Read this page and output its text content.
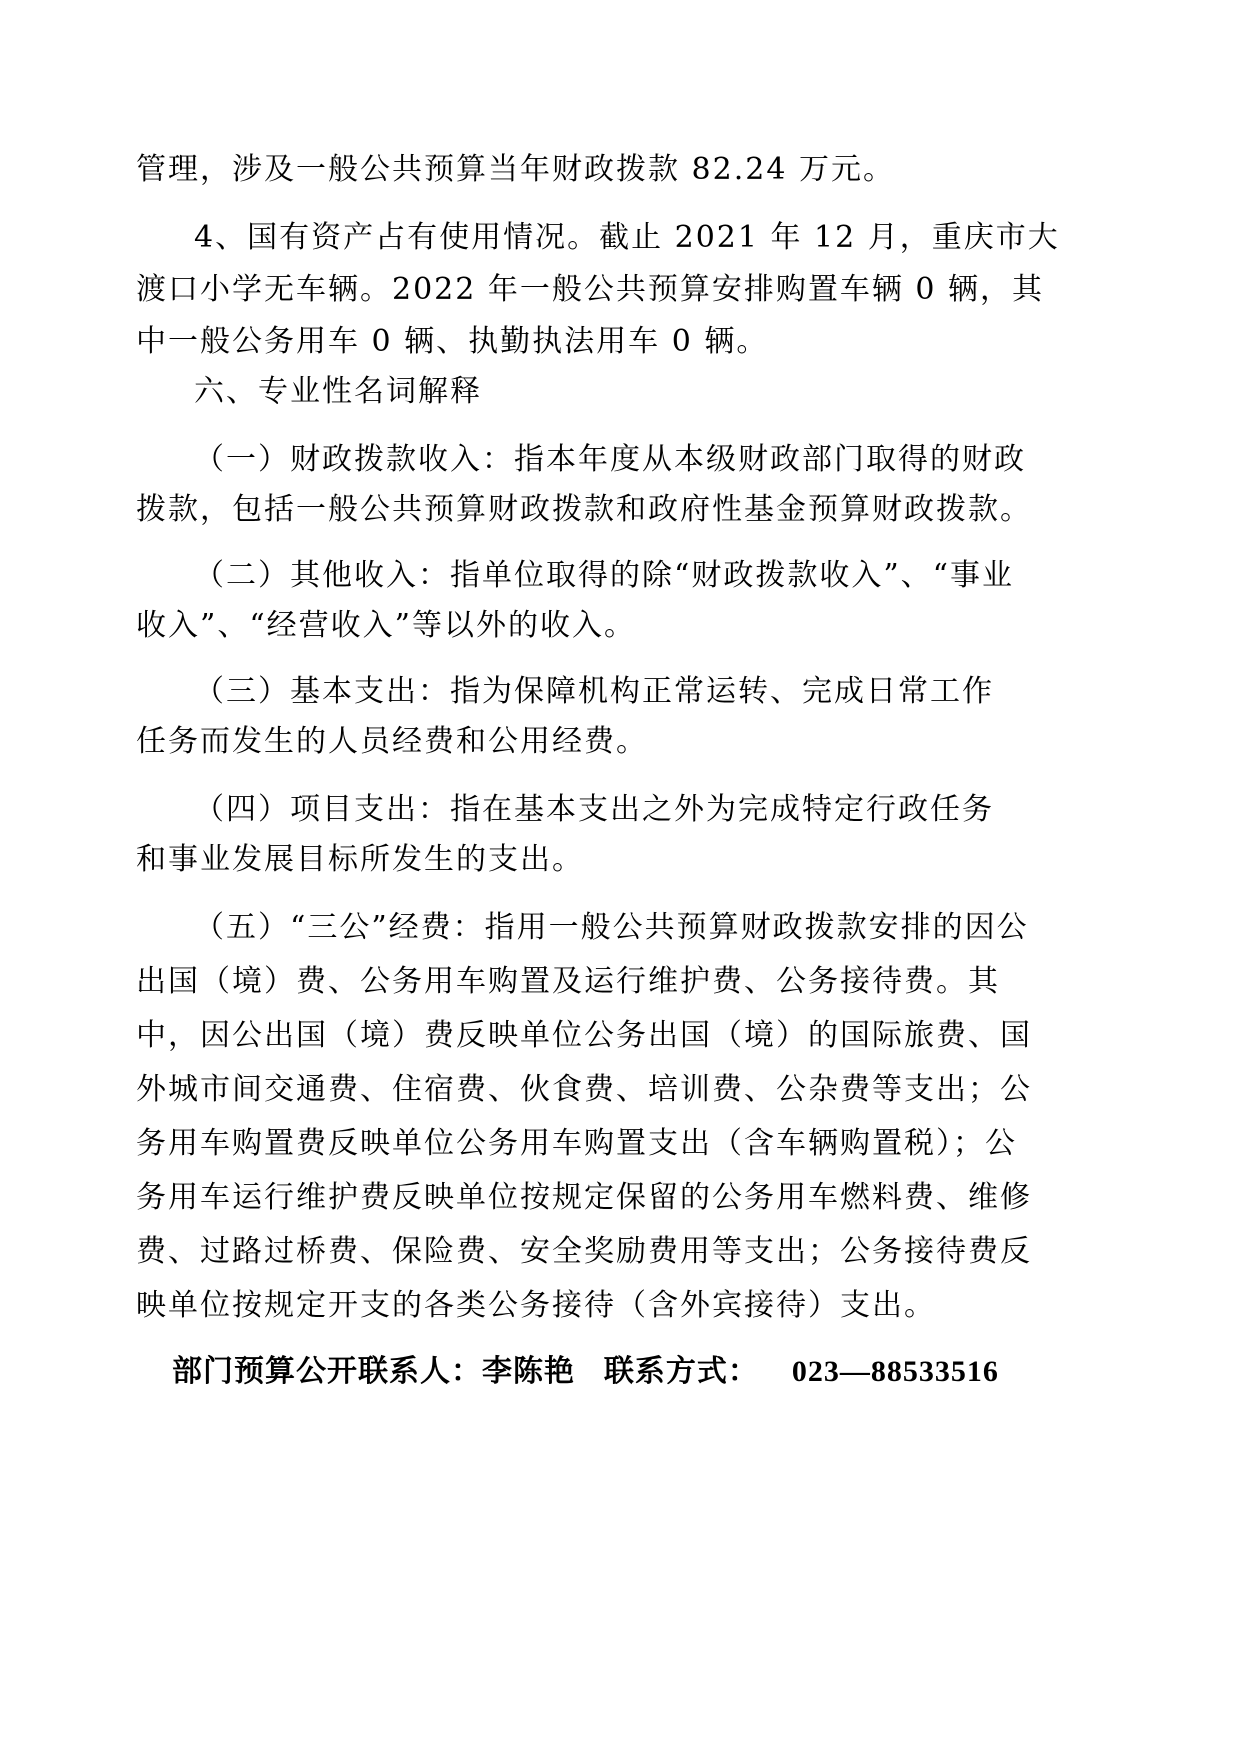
管理，涉及一般公共预算当年财政拨款 82.24 万元。
4、国有资产占有使用情况。截止 2021 年 12 月，重庆市大
渡口小学无车辆。2022 年一般公共预算安排购置车辆 0 辆，其
中一般公务用车 0 辆、执勤执法用车 0 辆。
六、专业性名词解释
（一）财政拨款收入：指本年度从本级财政部门取得的财政
拨款，包括一般公共预算财政拨款和政府性基金预算财政拨款。
（二）其他收入：指单位取得的除“财政拨款收入”、“事业
收入”、“经营收入”等以外的收入。
（三）基本支出：指为保障机构正常运转、完成日常工作
任务而发生的人员经费和公用经费。
（四）项目支出：指在基本支出之外为完成特定行政任务
和事业发展目标所发生的支出。
（五）“三公”经费：指用一般公共预算财政拨款安排的因公
出国（境）费、公务用车购置及运行维护费、公务接待费。其
中，因公出国（境）费反映单位公务出国（境）的国际旅费、国
外城市间交通费、住宿费、伙食费、培训费、公杂费等支出；公
务用车购置费反映单位公务用车购置支出（含车辆购置税）；公
务用车运行维护费反映单位按规定保留的公务用车燃料费、维修
费、过路过桥费、保险费、安全奖励费用等支出；公务接待费反
映单位按规定开支的各类公务接待（含外宾接待）支出。
部门预算公开联系人：李陈艳 联系方式： 023—88533516
